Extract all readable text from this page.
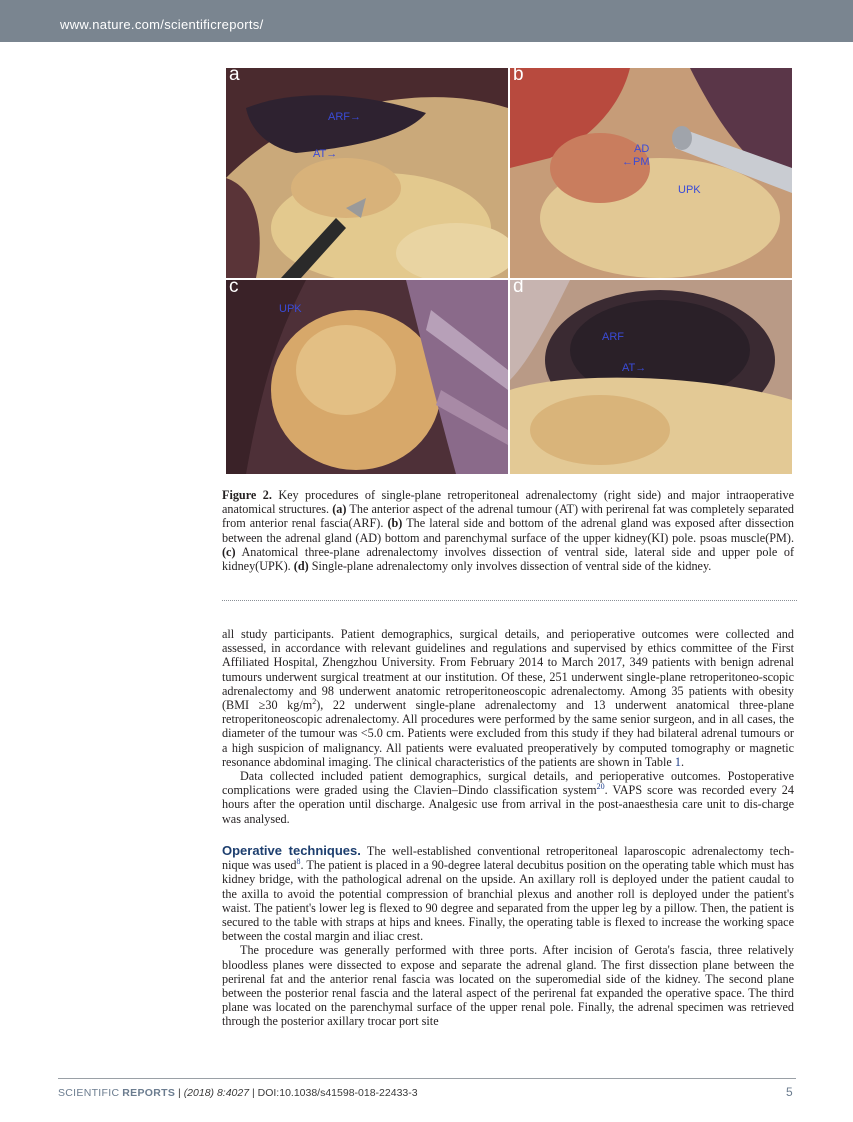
www.nature.com/scientificreports/
a
ARF→
AT→
b
AD
←PM
UPK
c
UPK
d
ARF
AT→
Figure 2. Key procedures of single-plane retroperitoneal adrenalectomy (right side) and major intraoperative anatomical structures. (a) The anterior aspect of the adrenal tumour (AT) with perirenal fat was completely separated from anterior renal fascia(ARF). (b) The lateral side and bottom of the adrenal gland was exposed after dissection between the adrenal gland (AD) bottom and parenchymal surface of the upper kidney(KI) pole. psoas muscle(PM). (c) Anatomical three-plane adrenalectomy involves dissection of ventral side, lateral side and upper pole of kidney(UPK). (d) Single-plane adrenalectomy only involves dissection of ventral side of the kidney.

all study participants. Patient demographics, surgical details, and perioperative outcomes were collected and assessed, in accordance with relevant guidelines and regulations and supervised by ethics committee of the First Affiliated Hospital, Zhengzhou University. From February 2014 to March 2017, 349 patients with benign adrenal tumours underwent surgical treatment at our institution. Of these, 251 underwent single-plane retroperitoneo-scopic adrenalectomy and 98 underwent anatomic retroperitoneoscopic adrenalectomy. Among 35 patients with obesity (BMI ≥30 $kg/m^2$), 22 underwent single-plane adrenalectomy and 13 underwent anatomical three-plane retroperitoneoscopic adrenalectomy. All procedures were performed by the same senior surgeon, and in all cases, the diameter of the tumour was <5.0 cm. Patients were excluded from this study if they had bilateral adrenal tumours or a high suspicion of malignancy. All patients were evaluated preoperatively by computed tomography or magnetic resonance abdominal imaging. The clinical characteristics of the patients are shown in Table 1.

Data collected included patient demographics, surgical details, and perioperative outcomes. Postoperative complications were graded using the Clavien–Dindo classification system$^{20}$. VAPS score was recorded every 24 hours after the operation until discharge. Analgesic use from arrival in the post-anaesthesia care unit to dis-charge was analysed.

Operative techniques. The well-established conventional retroperitoneal laparoscopic adrenalectomy tech-nique was used$^8$. The patient is placed in a 90-degree lateral decubitus position on the operating table which must has kidney bridge, with the pathological adrenal on the upside. An axillary roll is deployed under the patient caudal to the axilla to avoid the potential compression of branchial plexus and another roll is deployed under the patient's waist. The patient's lower leg is flexed to 90 degree and separated from the upper leg by a pillow. Then, the patient is secured to the table with straps at hips and knees. Finally, the operating table is flexed to increase the working space between the costal margin and iliac crest.

The procedure was generally performed with three ports. After incision of Gerota's fascia, three relatively bloodless planes were dissected to expose and separate the adrenal gland. The first dissection plane between the perirenal fat and the anterior renal fascia was located on the superomedial side of the kidney. The second plane between the posterior renal fascia and the lateral aspect of the perirenal fat expanded the operative space. The third plane was located on the parenchymal surface of the upper renal pole. Finally, the adrenal specimen was retrieved through the posterior axillary trocar port site

SCIENTIFIC REPORTS | (2018) 8:4027 | DOI:10.1038/s41598-018-22433-3	5
